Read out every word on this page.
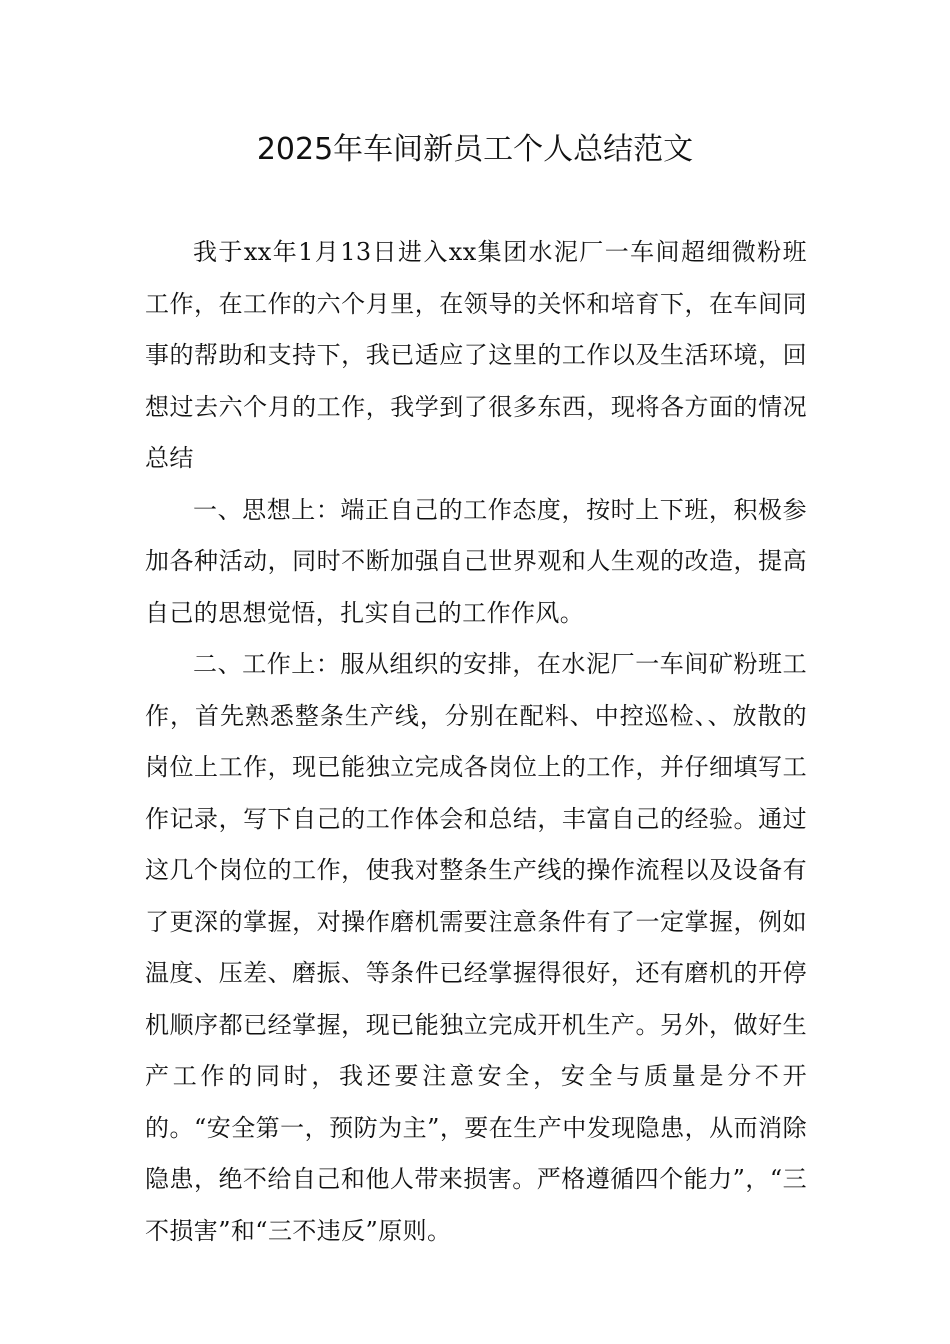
2025年车间新员工个人总结范文

我于xx年1月13日进入xx集团水泥厂一车间超细微粉班工作，在工作的六个月里，在领导的关怀和培育下，在车间同事的帮助和支持下，我已适应了这里的工作以及生活环境，回想过去六个月的工作，我学到了很多东西，现将各方面的情况总结

一、思想上：端正自己的工作态度，按时上下班，积极参加各种活动，同时不断加强自己世界观和人生观的改造，提高自己的思想觉悟，扎实自己的工作作风。

二、工作上：服从组织的安排，在水泥厂一车间矿粉班工作，首先熟悉整条生产线，分别在配料、中控巡检、、放散的岗位上工作，现已能独立完成各岗位上的工作，并仔细填写工作记录，写下自己的工作体会和总结，丰富自己的经验。通过这几个岗位的工作，使我对整条生产线的操作流程以及设备有了更深的掌握，对操作磨机需要注意条件有了一定掌握，例如温度、压差、磨振、等条件已经掌握得很好，还有磨机的开停机顺序都已经掌握，现已能独立完成开机生产。另外，做好生产工作的同时，我还要注意安全，安全与质量是分不开的。“安全第一，预防为主”，要在生产中发现隐患，从而消除隐患，绝不给自己和他人带来损害。严格遵循四个能力”，“三不损害”和“三不违反”原则。
